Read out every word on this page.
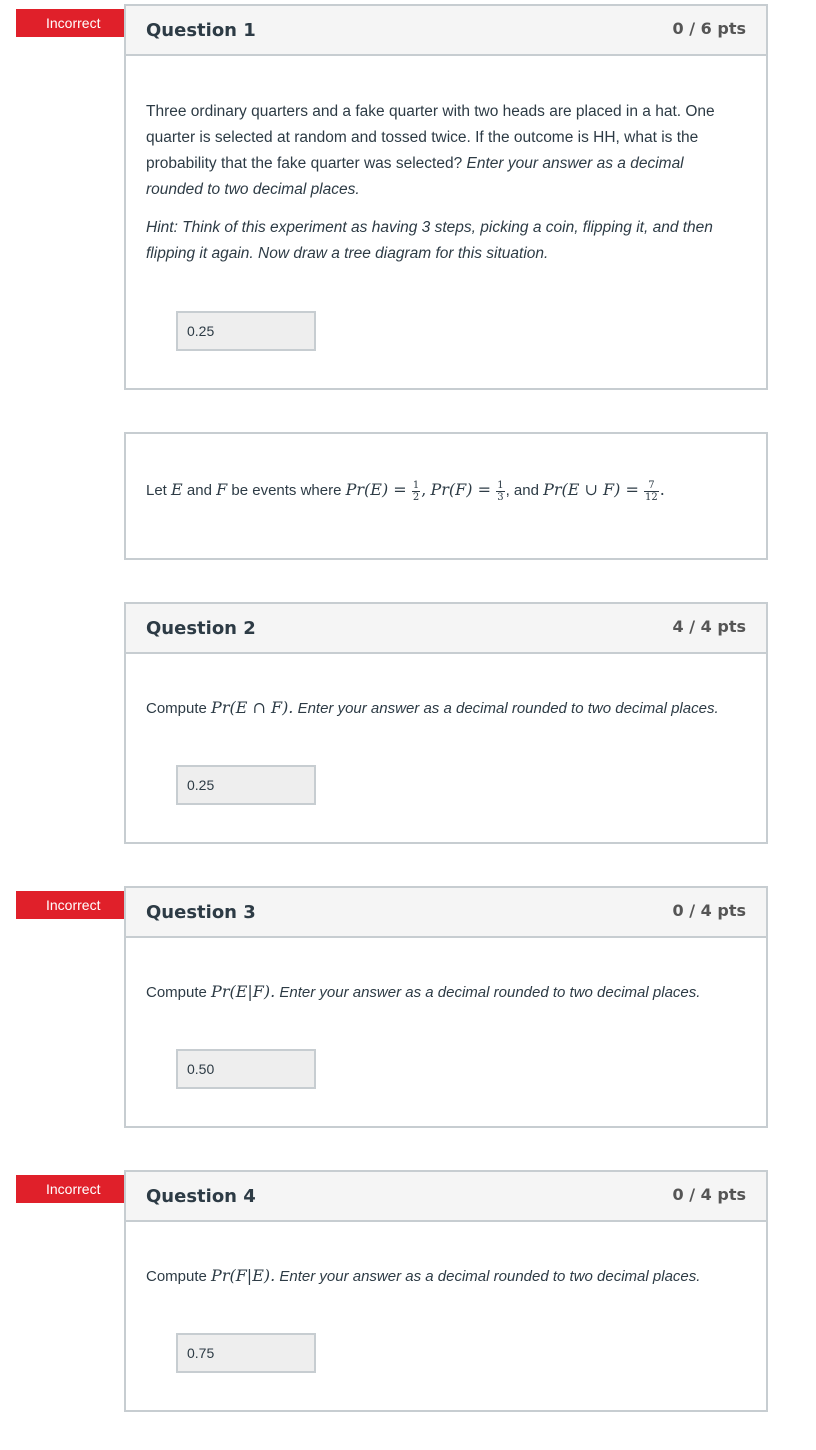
Incorrect	Question 1	0 / 6 pts
Three ordinary quarters and a fake quarter with two heads are placed in a hat. One quarter is selected at random and tossed twice. If the outcome is HH, what is the probability that the fake quarter was selected? Enter your answer as a decimal rounded to two decimal places.
Hint: Think of this experiment as having 3 steps, picking a coin, flipping it, and then flipping it again. Now draw a tree diagram for this situation.
0.25
Let E and F be events where $Pr(E) = \frac{1}{2}$ , $Pr(F) = \frac{1}{3}$ , and Pr(E ∪ $F) = \frac{7}{12}$ .
Question 2	4 / 4 pts
Compute Pr(E ∩ F). Enter your answer as a decimal rounded to two decimal places.
0.25
Incorrect	Question 3	0 / 4 pts
Compute Pr(E|F). Enter your answer as a decimal rounded to two decimal places.
0.50
Incorrect	Question 4	0 / 4 pts
Compute Pr(F|E). Enter your answer as a decimal rounded to two decimal places.
0.75
